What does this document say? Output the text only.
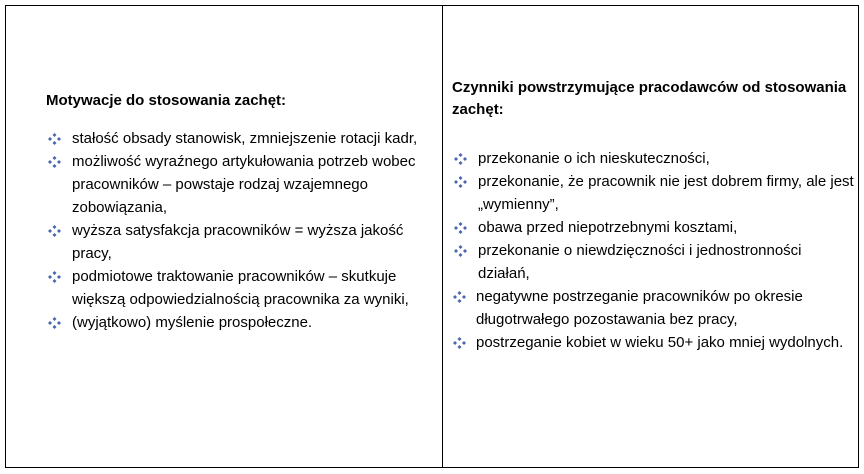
Motywacje do stosowania zachęt:

stałość obsady stanowisk, zmniejszenie rotacji kadr,
możliwość wyraźnego artykułowania potrzeb wobec pracowników – powstaje rodzaj wzajemnego zobowiązania,
wyższa satysfakcja pracowników = wyższa jakość pracy,
podmiotowe traktowanie pracowników – skutkuje większą odpowiedzialnością pracownika za wyniki,
(wyjątkowo) myślenie prospołeczne.

Czynniki powstrzymujące pracodawców od stosowania zachęt:

przekonanie o ich nieskuteczności,
przekonanie, że pracownik nie jest dobrem firmy, ale jest „wymienny”,
obawa przed niepotrzebnymi kosztami,
przekonanie o niewdzięczności i jednostronności działań,
negatywne postrzeganie pracowników po okresie długotrwałego pozostawania bez pracy,
postrzeganie kobiet w wieku 50+ jako mniej wydolnych.
